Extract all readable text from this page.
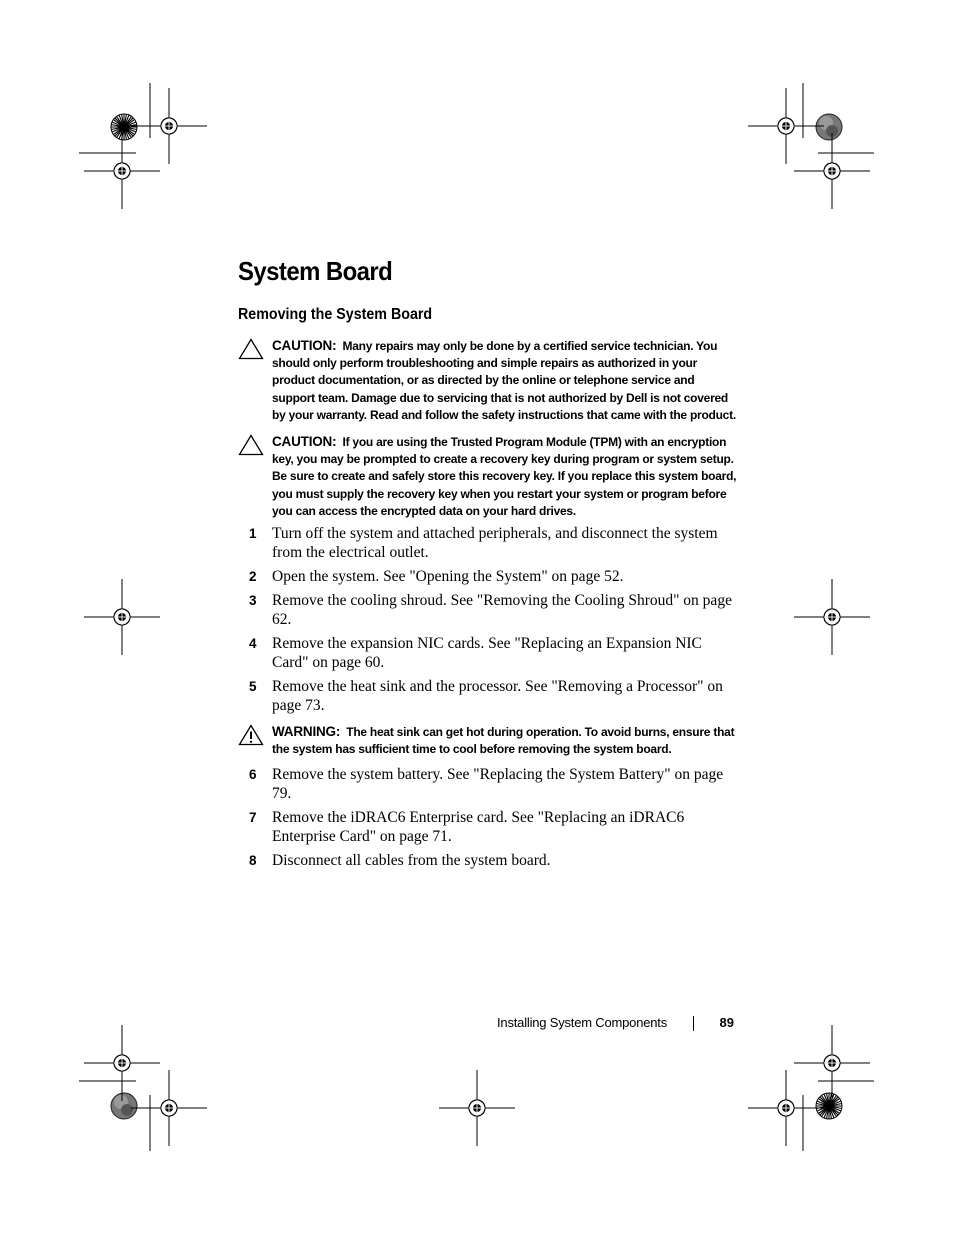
System Board
Removing the System Board
CAUTION: Many repairs may only be done by a certified service technician. You should only perform troubleshooting and simple repairs as authorized in your product documentation, or as directed by the online or telephone service and support team. Damage due to servicing that is not authorized by Dell is not covered by your warranty. Read and follow the safety instructions that came with the product.
CAUTION: If you are using the Trusted Program Module (TPM) with an encryption key, you may be prompted to create a recovery key during program or system setup. Be sure to create and safely store this recovery key. If you replace this system board, you must supply the recovery key when you restart your system or program before you can access the encrypted data on your hard drives.
1 Turn off the system and attached peripherals, and disconnect the system from the electrical outlet.
2 Open the system. See "Opening the System" on page 52.
3 Remove the cooling shroud. See "Removing the Cooling Shroud" on page 62.
4 Remove the expansion NIC cards. See "Replacing an Expansion NIC Card" on page 60.
5 Remove the heat sink and the processor. See "Removing a Processor" on page 73.
WARNING: The heat sink can get hot during operation. To avoid burns, ensure that the system has sufficient time to cool before removing the system board.
6 Remove the system battery. See "Replacing the System Battery" on page 79.
7 Remove the iDRAC6 Enterprise card. See "Replacing an iDRAC6 Enterprise Card" on page 71.
8 Disconnect all cables from the system board.
Installing System Components	89
